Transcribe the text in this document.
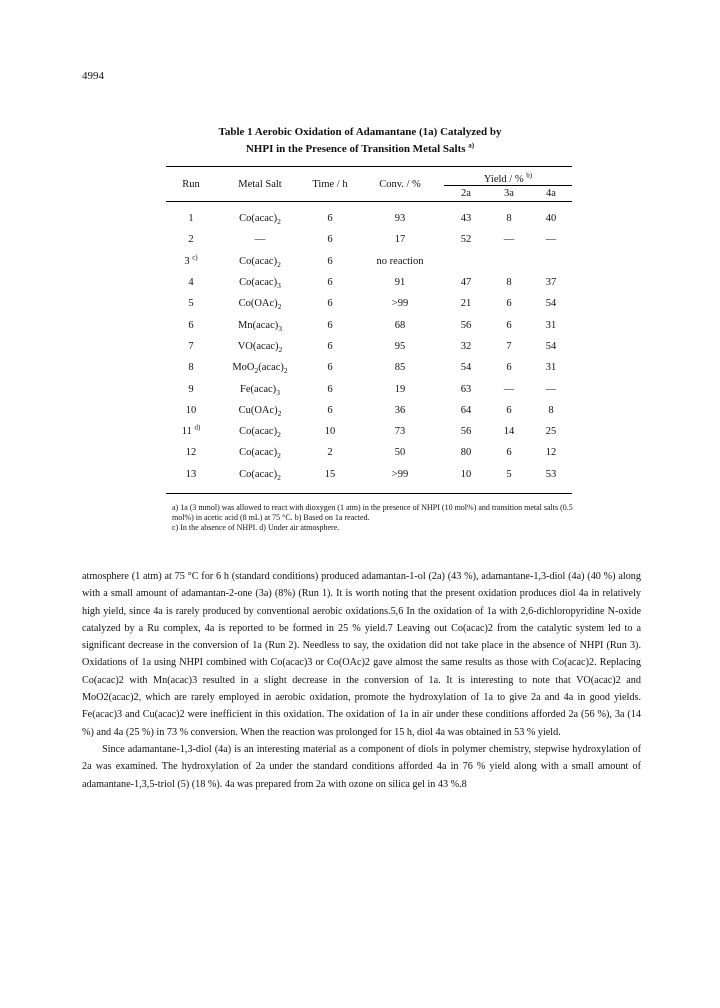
4994
Table 1 Aerobic Oxidation of Adamantane (1a) Catalyzed by
NHPI in the Presence of Transition Metal Salts $^{a)}$

Run	Metal Salt	Time / h	Conv. / %	Yield / % $^{b)}$
				2a	3a	4a

1	$Co(acac)_2$	6	93	43	8	40
2	—	6	17	52	—	—
3 $^{c)}$	$Co(acac)_2$	6	no reaction			
4	$Co(acac)_3$	6	91	47	8	37
5	$Co(OAc)_2$	6	>99	21	6	54
6	$Mn(acac)_3$	6	68	56	6	31
7	$VO(acac)_2$	6	95	32	7	54
8	$MoO_2(acac)_2$	6	85	54	6	31
9	$Fe(acac)_3$	6	19	63	—	—
10	$Cu(OAc)_2$	6	36	64	6	8
11 $^{d)}$	$Co(acac)_2$	10	73	56	14	25
12	$Co(acac)_2$	2	50	80	6	12
13	$Co(acac)_2$	15	>99	10	5	53

a) 1a (3 mmol) was allowed to react with dioxygen (1 atm) in the presence of NHPI (10 mol%) and transition metal salts (0.5 mol%) in acetic acid (8 mL) at 75 °C. b) Based on 1a reacted.

c) In the absence of NHPI. d) Under air atmosphere.

atmosphere (1 atm) at 75 °C for 6 h (standard conditions) produced adamantan-1-ol (2a) (43 %), adamantane-1,3-diol (4a) (40 %) along with a small amount of adamantan-2-one (3a) (8%) (Run 1). It is worth noting that the present oxidation produces diol 4a in relatively high yield, since 4a is rarely produced by conventional aerobic oxidations.5,6 In the oxidation of 1a with 2,6-dichloropyridine N-oxide catalyzed by a Ru complex, 4a is reported to be formed in 25 % yield.7 Leaving out Co(acac)2 from the catalytic system led to a significant decrease in the conversion of 1a (Run 2). Needless to say, the oxidation did not take place in the absence of NHPI (Run 3). Oxidations of 1a using NHPI combined with Co(acac)3 or Co(OAc)2 gave almost the same results as those with Co(acac)2. Replacing Co(acac)2 with Mn(acac)3 resulted in a slight decrease in the conversion of 1a. It is interesting to note that VO(acac)2 and MoO2(acac)2, which are rarely employed in aerobic oxidation, promote the hydroxylation of 1a to give 2a and 4a in good yields. Fe(acac)3 and Cu(acac)2 were inefficient in this oxidation. The oxidation of 1a in air under these conditions afforded 2a (56 %), 3a (14 %) and 4a (25 %) in 73 % conversion. When the reaction was prolonged for 15 h, diol 4a was obtained in 53 % yield.

Since adamantane-1,3-diol (4a) is an interesting material as a component of diols in polymer chemistry, stepwise hydroxylation of 2a was examined. The hydroxylation of 2a under the standard conditions afforded 4a in 76 % yield along with a small amount of adamantane-1,3,5-triol (5) (18 %). 4a was prepared from 2a with ozone on silica gel in 43 %.8
